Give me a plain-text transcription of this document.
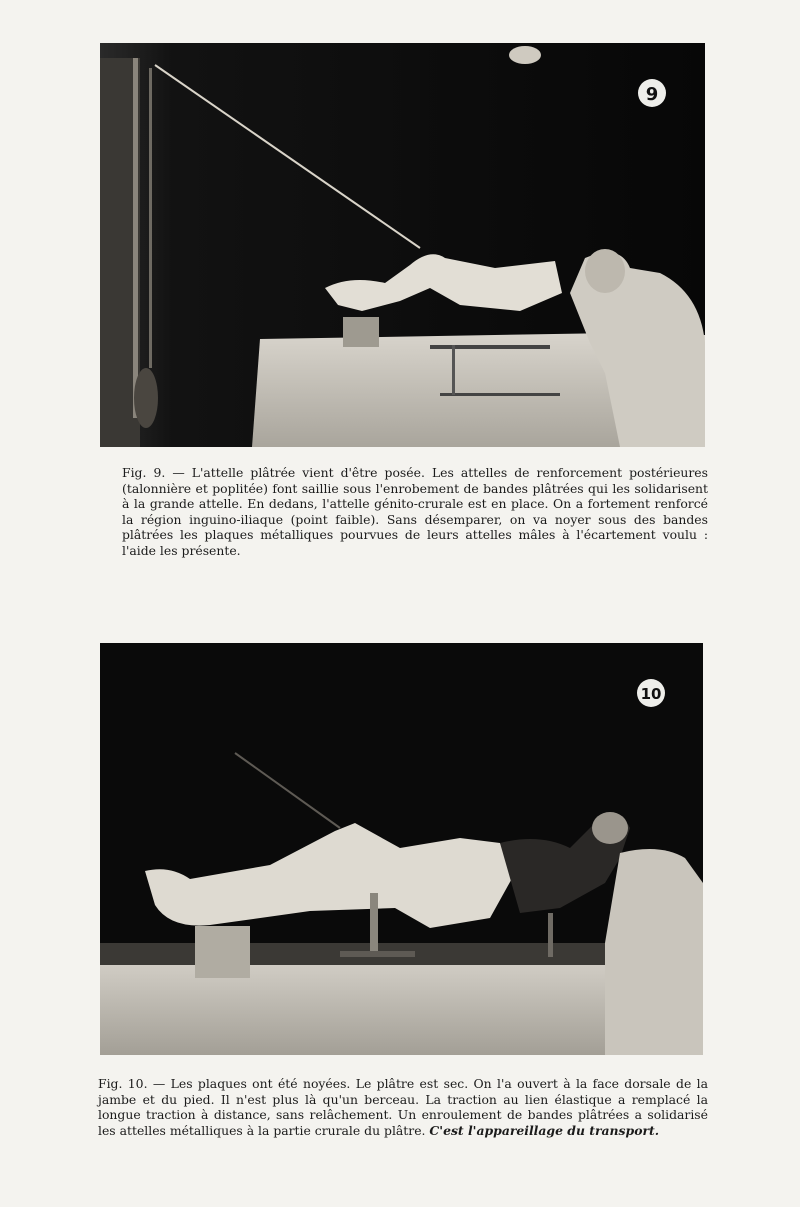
9

Fig. 9. — L'attelle plâtrée vient d'être posée. Les attelles de renforcement postérieures (talonnière et poplitée) font saillie sous l'enrobement de bandes plâtrées qui les solidarisent à la grande attelle. En dedans, l'attelle génito-crurale est en place. On a fortement renforcé la région inguino-iliaque (point faible). Sans désemparer, on va noyer sous des bandes plâtrées les plaques métalliques pourvues de leurs attelles mâles à l'écartement voulu : l'aide les présente.

10

Fig. 10. — Les plaques ont été noyées. Le plâtre est sec. On l'a ouvert à la face dorsale de la jambe et du pied. Il n'est plus là qu'un berceau. La traction au lien élastique a remplacé la longue traction à distance, sans relâchement. Un enroulement de bandes plâtrées a solidarisé les attelles métalliques à la partie crurale du plâtre. C'est l'appareillage du transport.
